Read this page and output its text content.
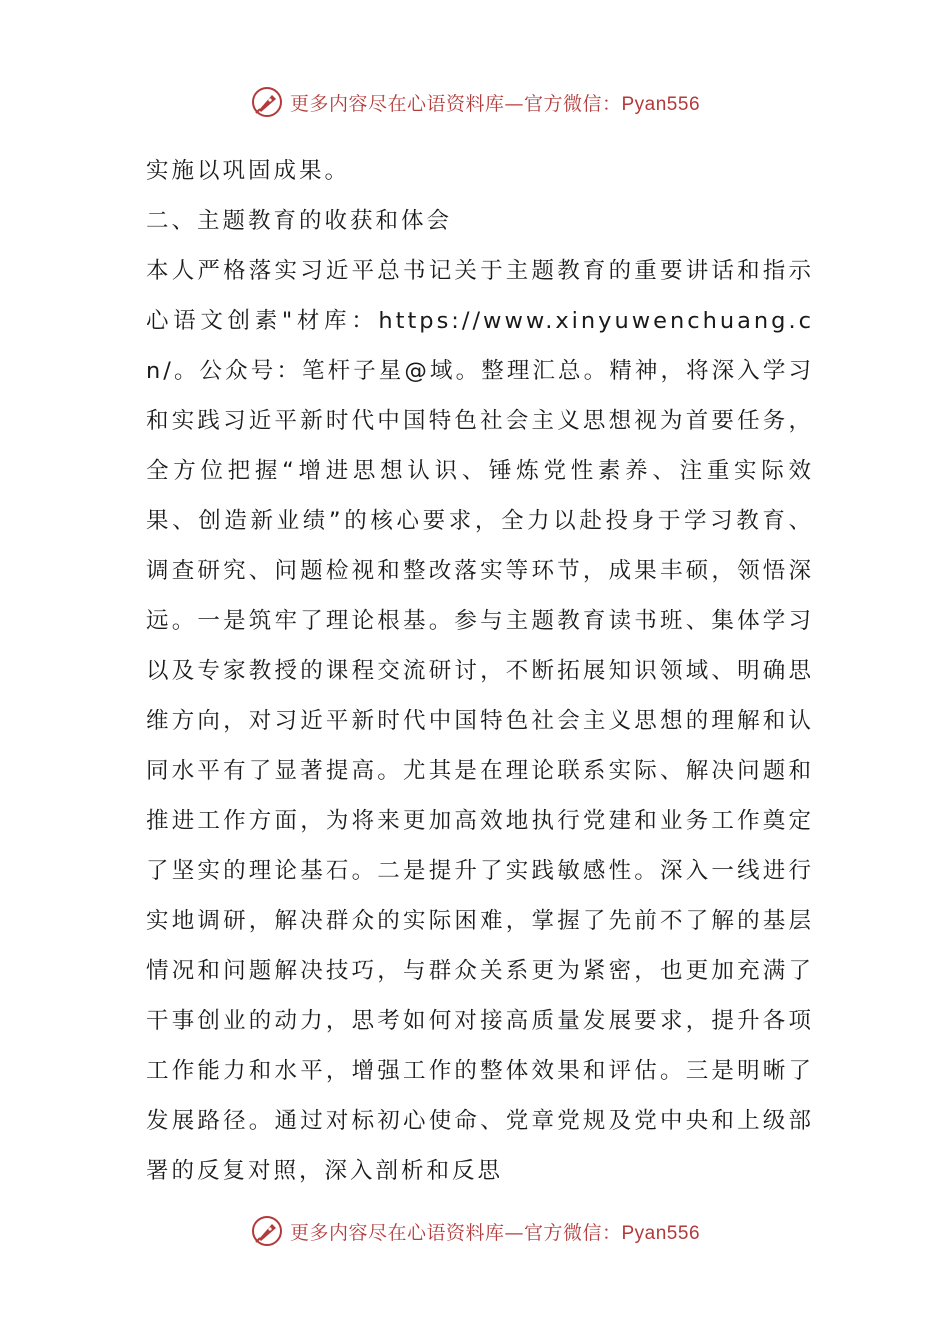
更多内容尽在心语资料库—官方微信：Pyan556

实施以巩固成果。

二、主题教育的收获和体会

本人严格落实习近平总书记关于主题教育的重要讲话和指示心语文创素"材库：https://www.xinyuwenchuang.cn/。公众号：笔杆子星@域。整理汇总。精神，将深入学习和实践习近平新时代中国特色社会主义思想视为首要任务，全方位把握“增进思想认识、锤炼党性素养、注重实际效果、创造新业绩”的核心要求，全力以赴投身于学习教育、调查研究、问题检视和整改落实等环节，成果丰硕，领悟深远。一是筑牢了理论根基。参与主题教育读书班、集体学习以及专家教授的课程交流研讨，不断拓展知识领域、明确思维方向，对习近平新时代中国特色社会主义思想的理解和认同水平有了显著提高。尤其是在理论联系实际、解决问题和推进工作方面，为将来更加高效地执行党建和业务工作奠定了坚实的理论基石。二是提升了实践敏感性。深入一线进行实地调研，解决群众的实际困难，掌握了先前不了解的基层情况和问题解决技巧，与群众关系更为紧密，也更加充满了干事创业的动力，思考如何对接高质量发展要求，提升各项工作能力和水平，增强工作的整体效果和评估。三是明晰了发展路径。通过对标初心使命、党章党规及党中央和上级部署的反复对照，深入剖析和反思

更多内容尽在心语资料库—官方微信：Pyan556
